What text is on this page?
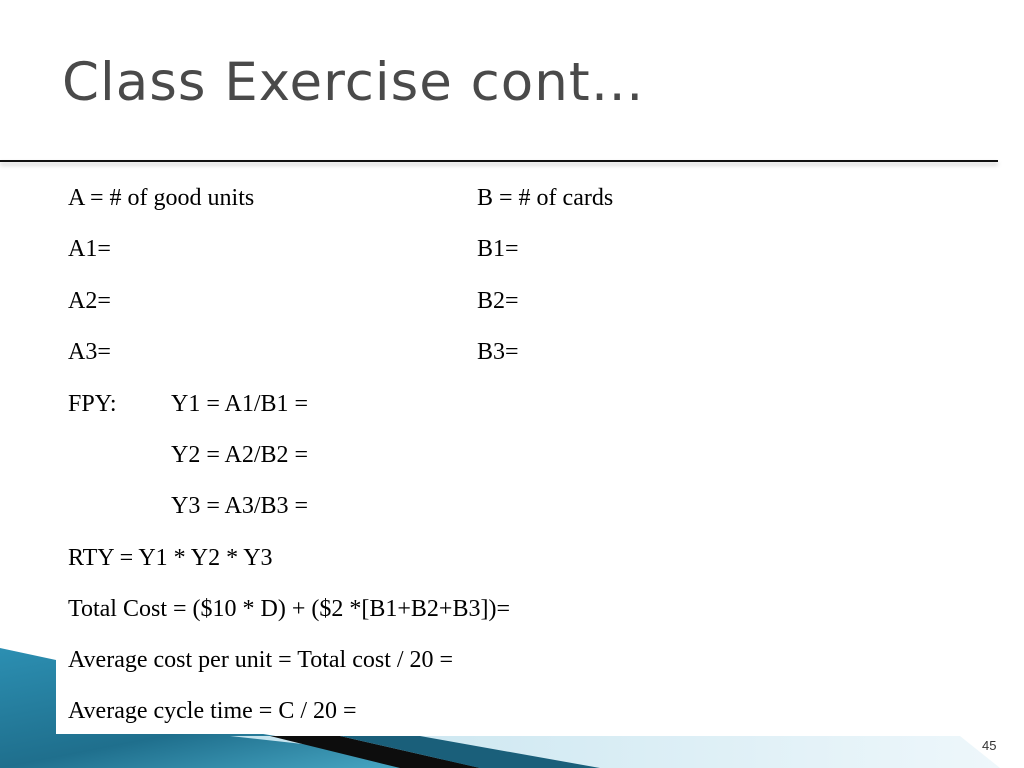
Class Exercise cont…
A = # of good units
A1=
A2=
A3=
FPY:
RTY = Y1 * Y2 * Y3
Total Cost = ($10 * D) + ($2 *[B1+B2+B3])=
Average cost per unit = Total cost / 20 =
Average cycle time = C / 20 =
Y1 = A1/B1 =
Y2 = A2/B2 =
Y3 = A3/B3 =
B = # of cards
B1=
B2=
B3=
45
